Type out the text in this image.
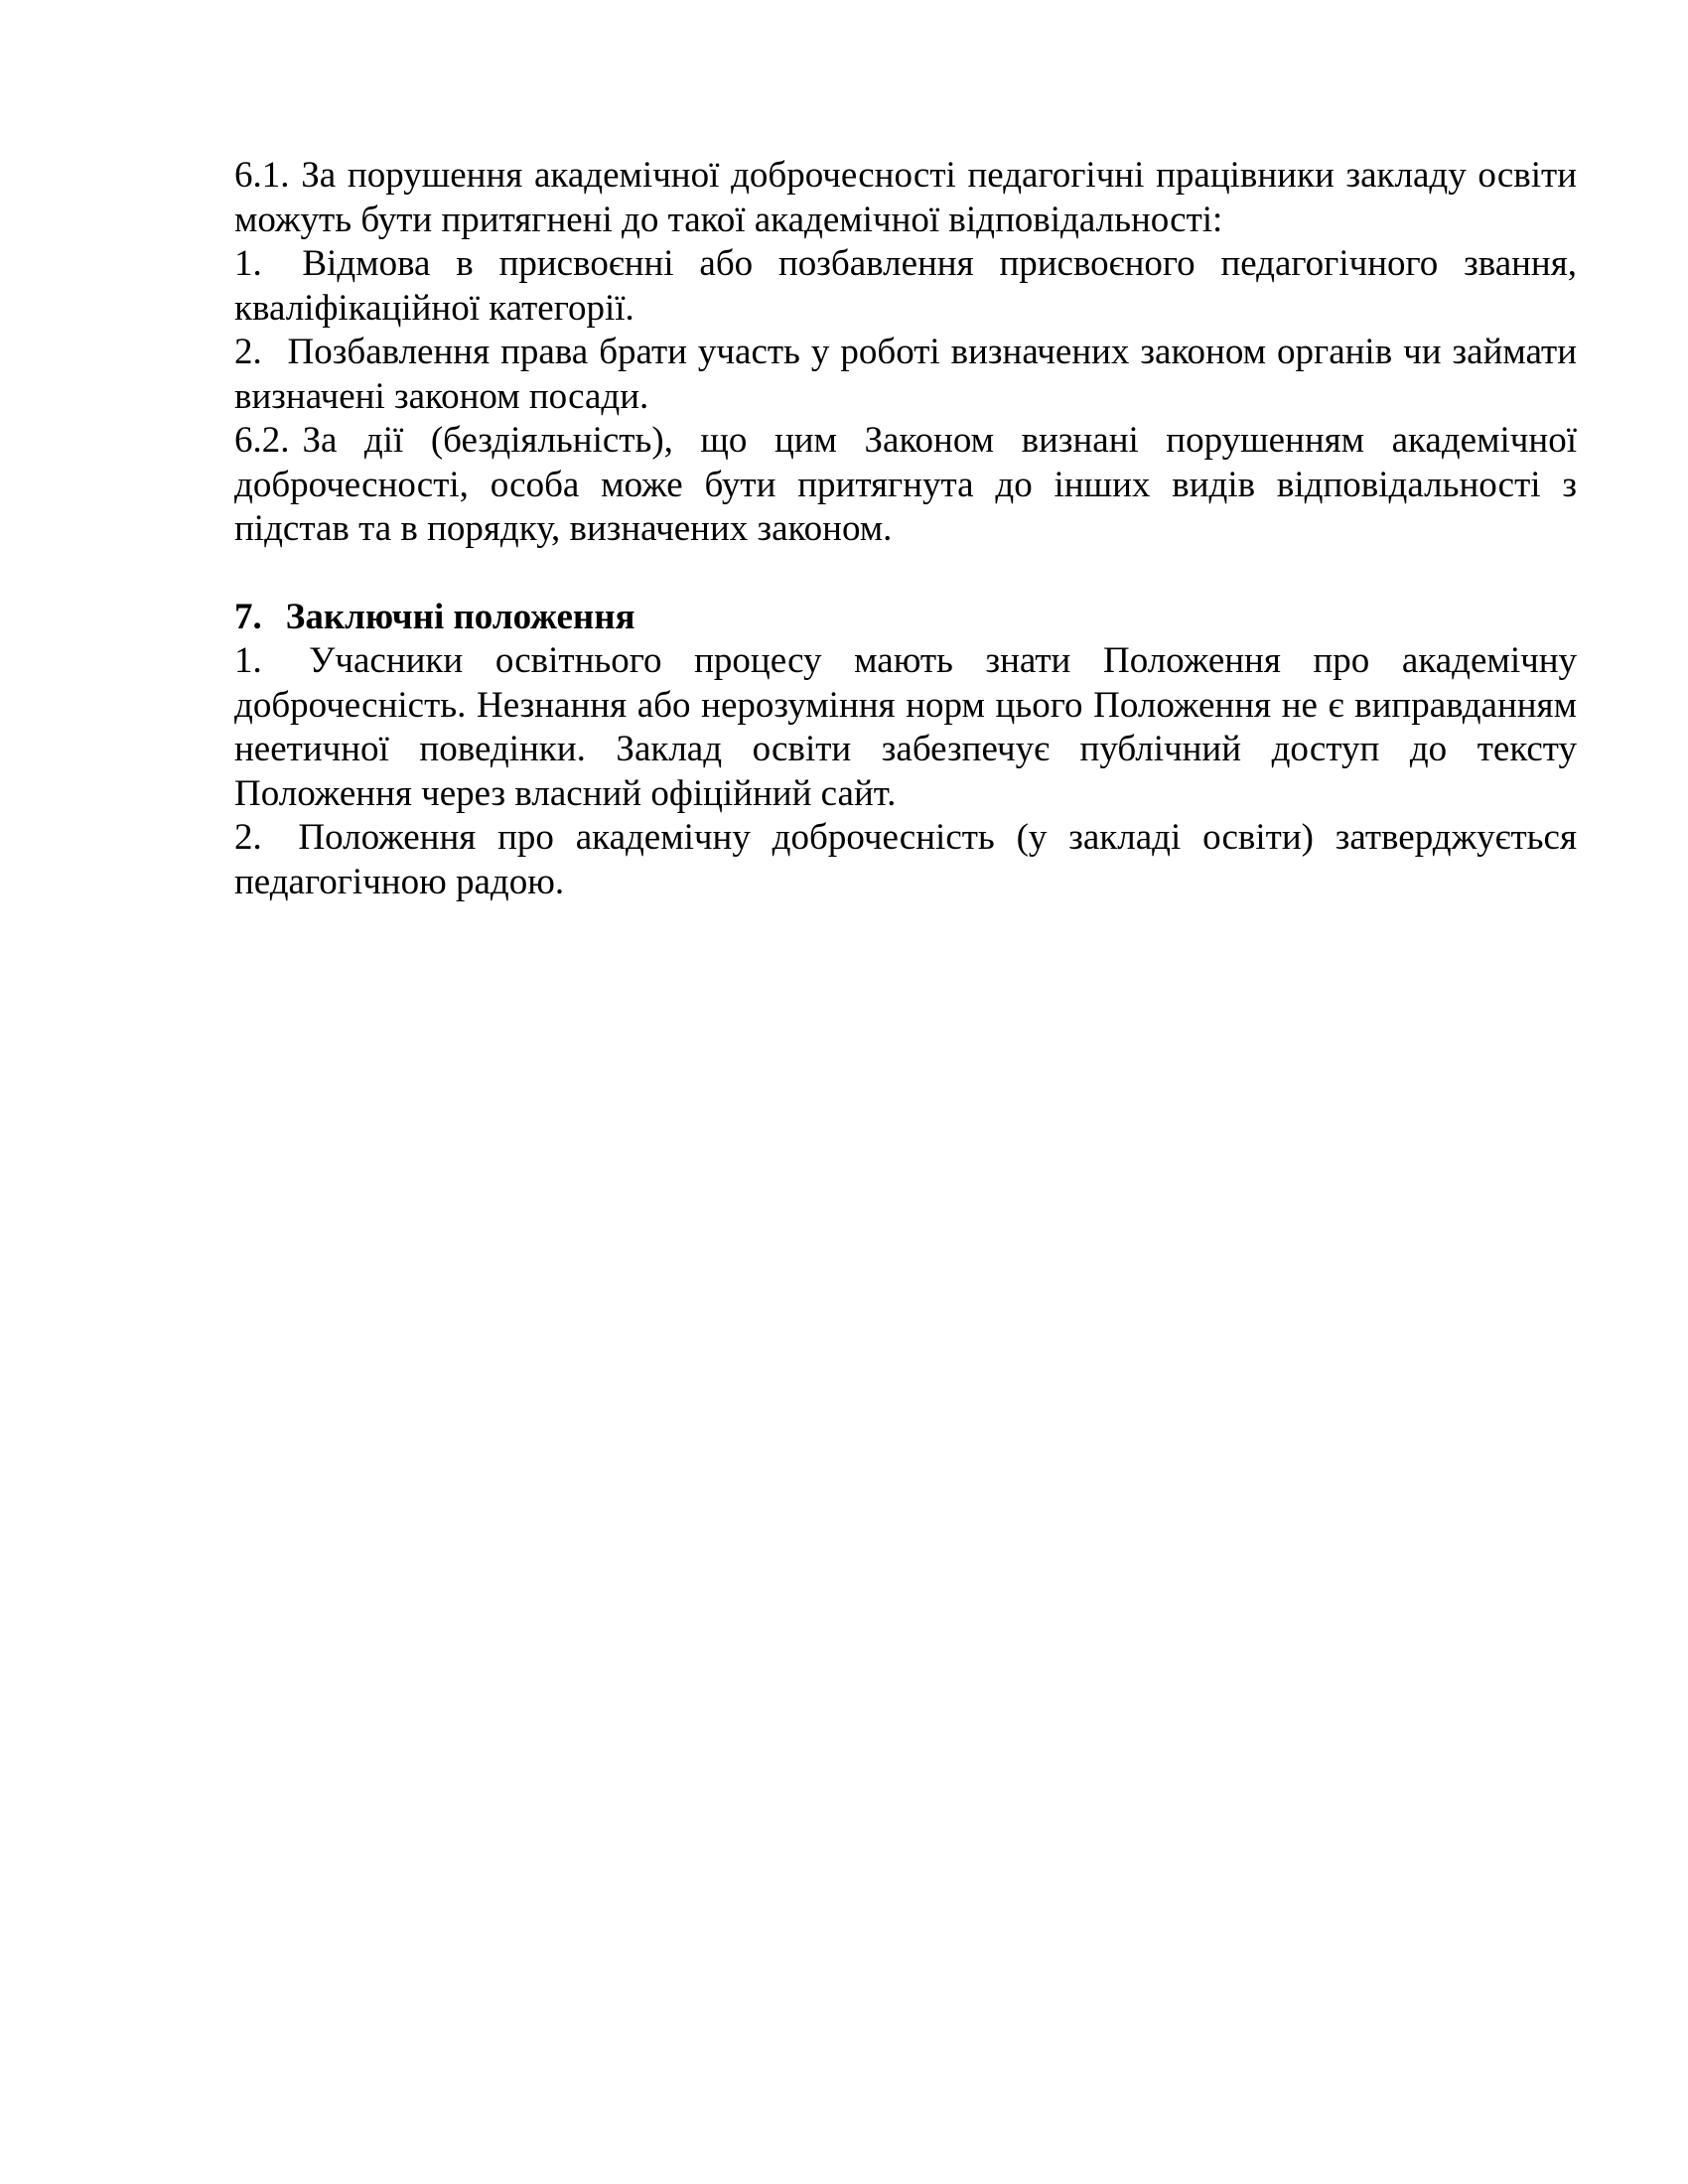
6.1. За порушення академічної доброчесності педагогічні працівники закладу освіти можуть бути притягнені до такої академічної відповідальності:

1. Відмова в присвоєнні або позбавлення присвоєного педагогічного звання, кваліфікаційної категорії.

2. Позбавлення права брати участь у роботі визначених законом органів чи займати визначені законом посади.

6.2. За дії (бездіяльність), що цим Законом визнані порушенням академічної доброчесності, особа може бути притягнута до інших видів відповідальності з підстав та в порядку, визначених законом.

7. Заключні положення

1. Учасники освітнього процесу мають знати Положення про академічну доброчесність. Незнання або нерозуміння норм цього Положення не є виправданням неетичної поведінки. Заклад освіти забезпечує публічний доступ до тексту Положення через власний офіційний сайт.

2. Положення про академічну доброчесність (у закладі освіти) затверджується педагогічною радою.
